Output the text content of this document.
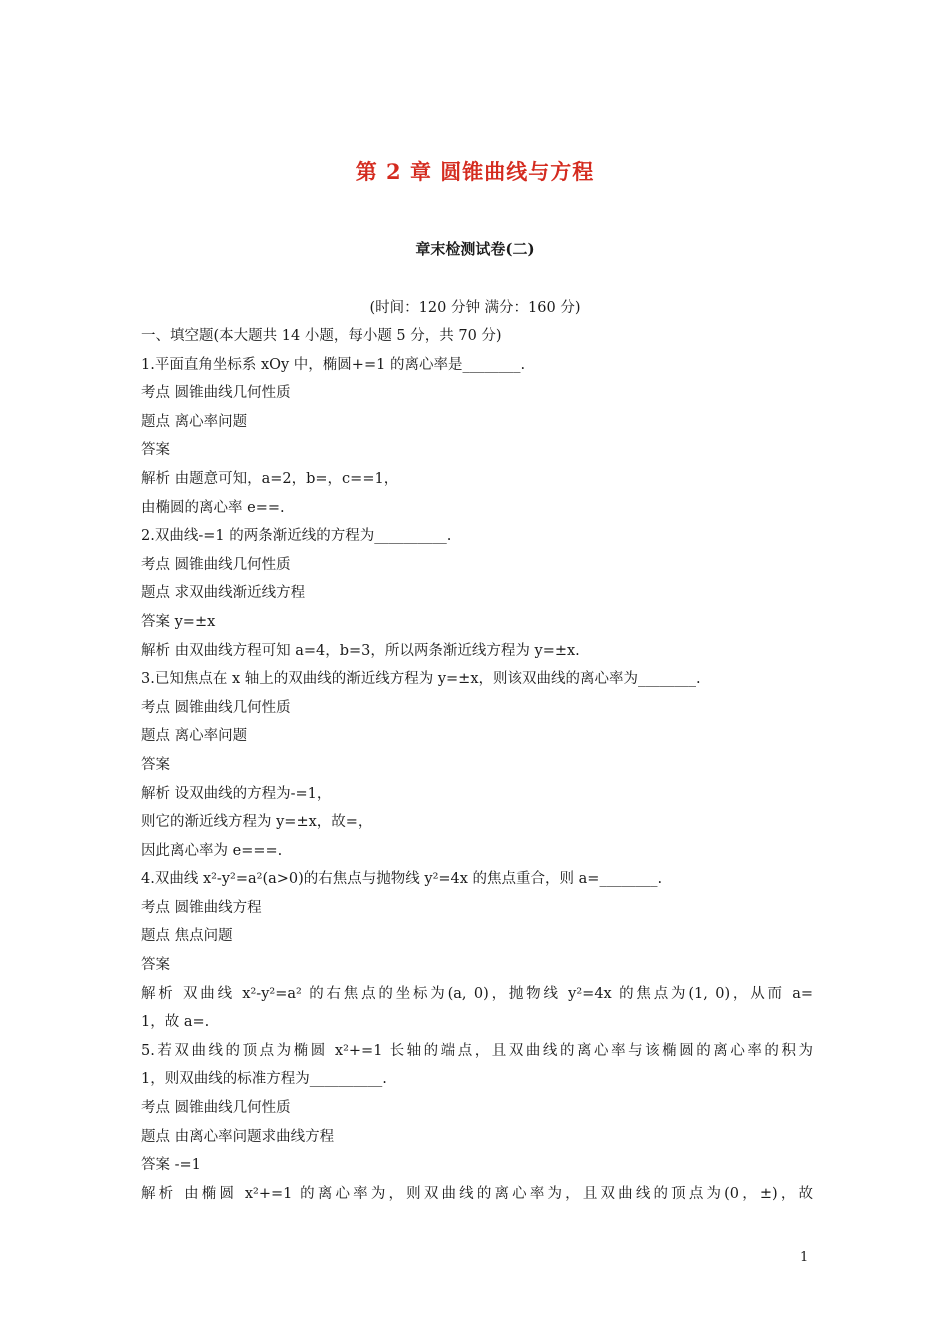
第 2 章 圆锥曲线与方程
章末检测试卷(二)
(时间：120 分钟 满分：160 分)
一、填空题(本大题共 14 小题，每小题 5 分，共 70 分)
1.平面直角坐标系 xOy 中，椭圆+=1 的离心率是________.
考点 圆锥曲线几何性质
题点 离心率问题
答案
解析 由题意可知，a=2，b=，c==1，
由椭圆的离心率 e==.
2.双曲线-=1 的两条渐近线的方程为__________.
考点 圆锥曲线几何性质
题点 求双曲线渐近线方程
答案 y=±x
解析 由双曲线方程可知 a=4，b=3，所以两条渐近线方程为 y=±x.
3.已知焦点在 x 轴上的双曲线的渐近线方程为 y=±x，则该双曲线的离心率为________.
考点 圆锥曲线几何性质
题点 离心率问题
答案
解析 设双曲线的方程为-=1，
则它的渐近线方程为 y=±x，故=，
因此离心率为 e===.
4.双曲线 x²-y²=a²(a>0)的右焦点与抛物线 y²=4x 的焦点重合，则 a=________.
考点 圆锥曲线方程
题点 焦点问题
答案
解析 双曲线 x²-y²=a² 的右焦点的坐标为(a, 0)，抛物线 y²=4x 的焦点为(1, 0)，从而 a=
1，故 a=.
5.若双曲线的顶点为椭圆 x²+=1 长轴的端点，且双曲线的离心率与该椭圆的离心率的积为
1，则双曲线的标准方程为__________.
考点 圆锥曲线几何性质
题点 由离心率问题求曲线方程
答案 -=1
解析 由椭圆 x²+=1 的离心率为，则双曲线的离心率为，且双曲线的顶点为(0，±)，故
1
